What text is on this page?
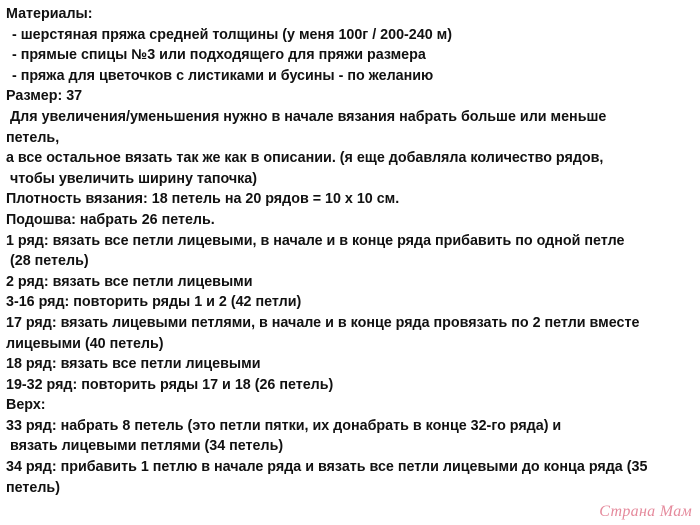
Материалы:
- шерстяная пряжа средней толщины (у меня 100г / 200-240 м)
- прямые спицы №3 или подходящего для пряжи размера
- пряжа для цветочков с листиками и бусины - по желанию
Размер: 37
Для увеличения/уменьшения нужно в начале вязания набрать больше или меньше
петель,
а все остальное вязать так же как в описании. (я еще добавляла количество рядов,
чтобы увеличить ширину тапочка)
Плотность вязания: 18 петель на 20 рядов = 10 х 10 см.
Подошва: набрать 26 петель.
1 ряд: вязать все петли лицевыми, в начале и в конце ряда прибавить по одной петле
(28 петель)
2 ряд: вязать все петли лицевыми
3-16 ряд: повторить ряды 1 и 2 (42 петли)
17 ряд: вязать лицевыми петлями, в начале и в конце ряда провязать по 2 петли вместе
лицевыми (40 петель)
18 ряд: вязать все петли лицевыми
19-32 ряд: повторить ряды 17 и 18 (26 петель)
Верх:
33 ряд: набрать 8 петель (это петли пятки, их донабрать в конце 32-го ряда) и
вязать лицевыми петлями (34 петель)
34 ряд: прибавить 1 петлю в начале ряда и вязать все петли лицевыми до конца ряда (35
петель)
Страна Мам
